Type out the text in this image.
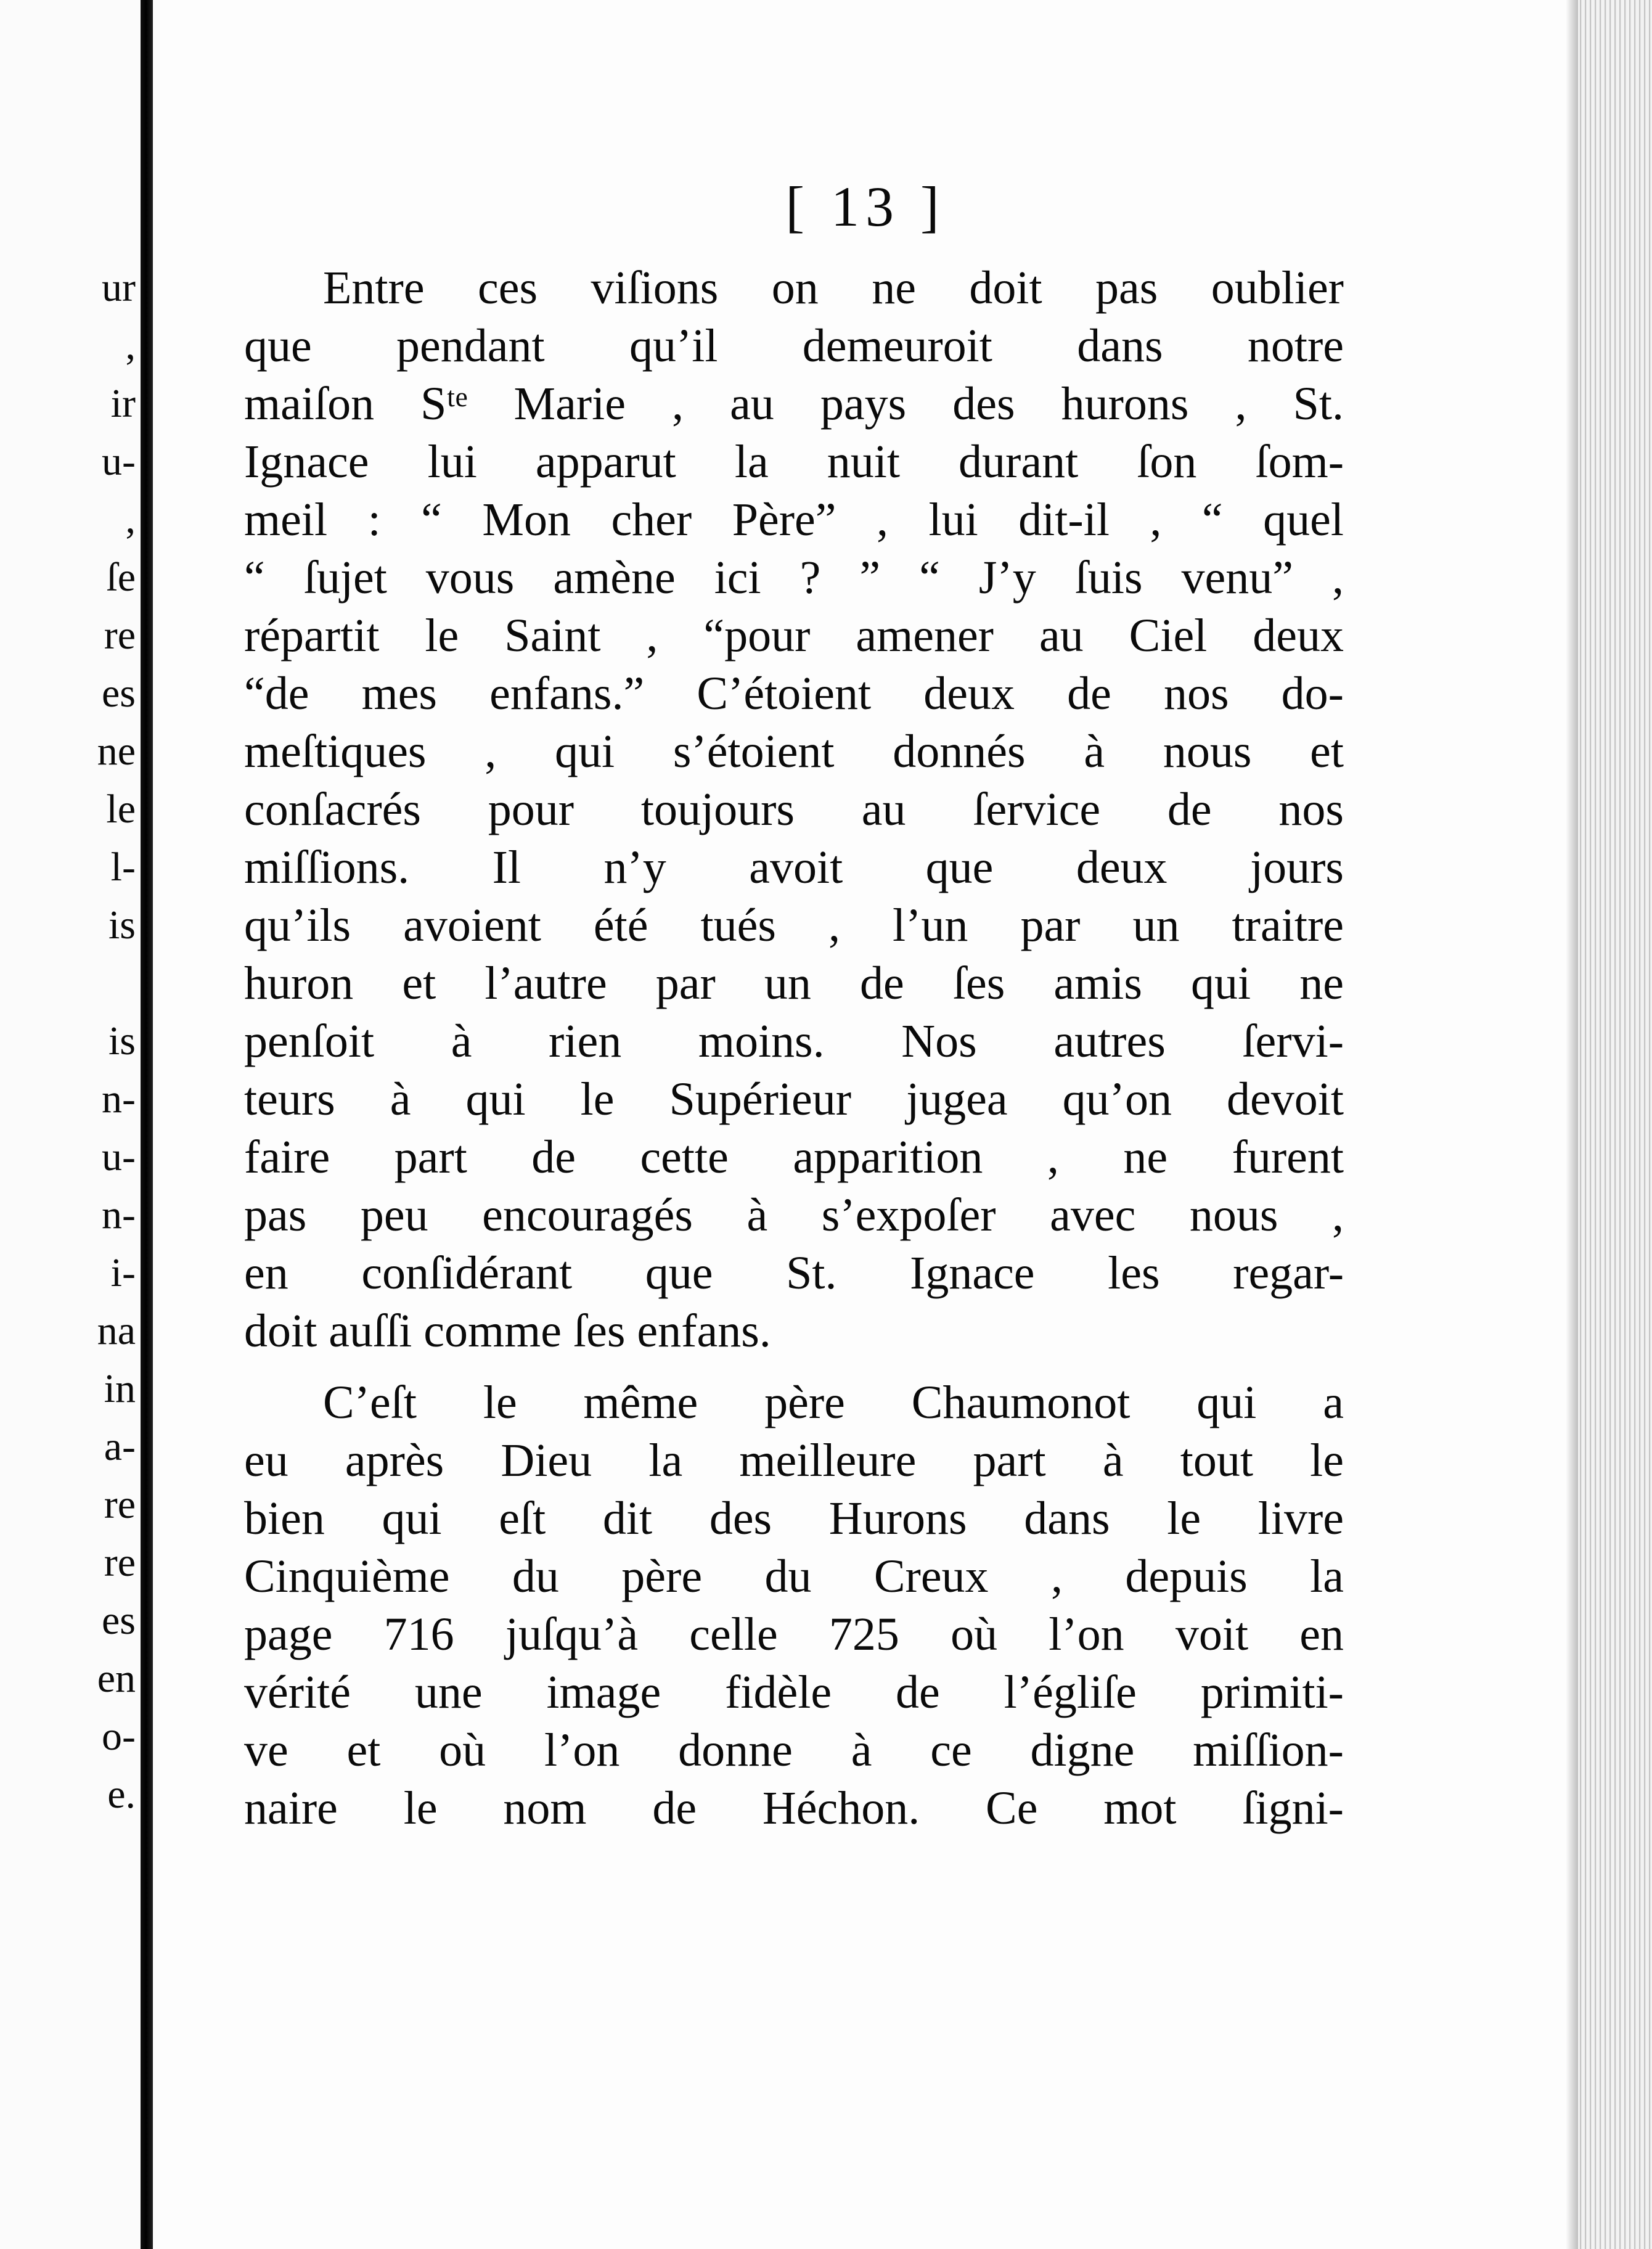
ur
,
ir
u-
,
ſe
re
es
ne
le
l-
is
is
n-
u-
n-
i-
na
in
a-
re
re
es
en
o-
e.
[ 13 ]
Entre ces viſions on ne doit pas oublier
que pendant qu’il demeuroit dans notre
maiſon Sᵗᵉ Marie , au pays des hurons , St.
Ignace lui apparut la nuit durant ſon ſom-
meil : “ Mon cher Père” , lui dit-il , “ quel
“ ſujet vous amène ici ? ” “ J’y ſuis venu” ,
répartit le Saint , “pour amener au Ciel deux
“de mes enfans.” C’étoient deux de nos do-
meſtiques , qui s’étoient donnés à nous et
conſacrés pour toujours au ſervice de nos
miſſions. Il n’y avoit que deux jours
qu’ils avoient été tués , l’un par un traitre
huron et l’autre par un de ſes amis qui ne
penſoit à rien moins. Nos autres ſervi-
teurs à qui le Supérieur jugea qu’on devoit
faire part de cette apparition , ne furent
pas peu encouragés à s’expoſer avec nous ,
en conſidérant que St. Ignace les regar-
doit auſſi comme ſes enfans.
C’eſt le même père Chaumonot qui a
eu après Dieu la meilleure part à tout le
bien qui eſt dit des Hurons dans le livre
Cinquième du père du Creux , depuis la
page 716 juſqu’à celle 725 où l’on voit en
vérité une image fidèle de l’égliſe primiti-
ve et où l’on donne à ce digne miſſion-
naire le nom de Héchon. Ce mot ſigni-
